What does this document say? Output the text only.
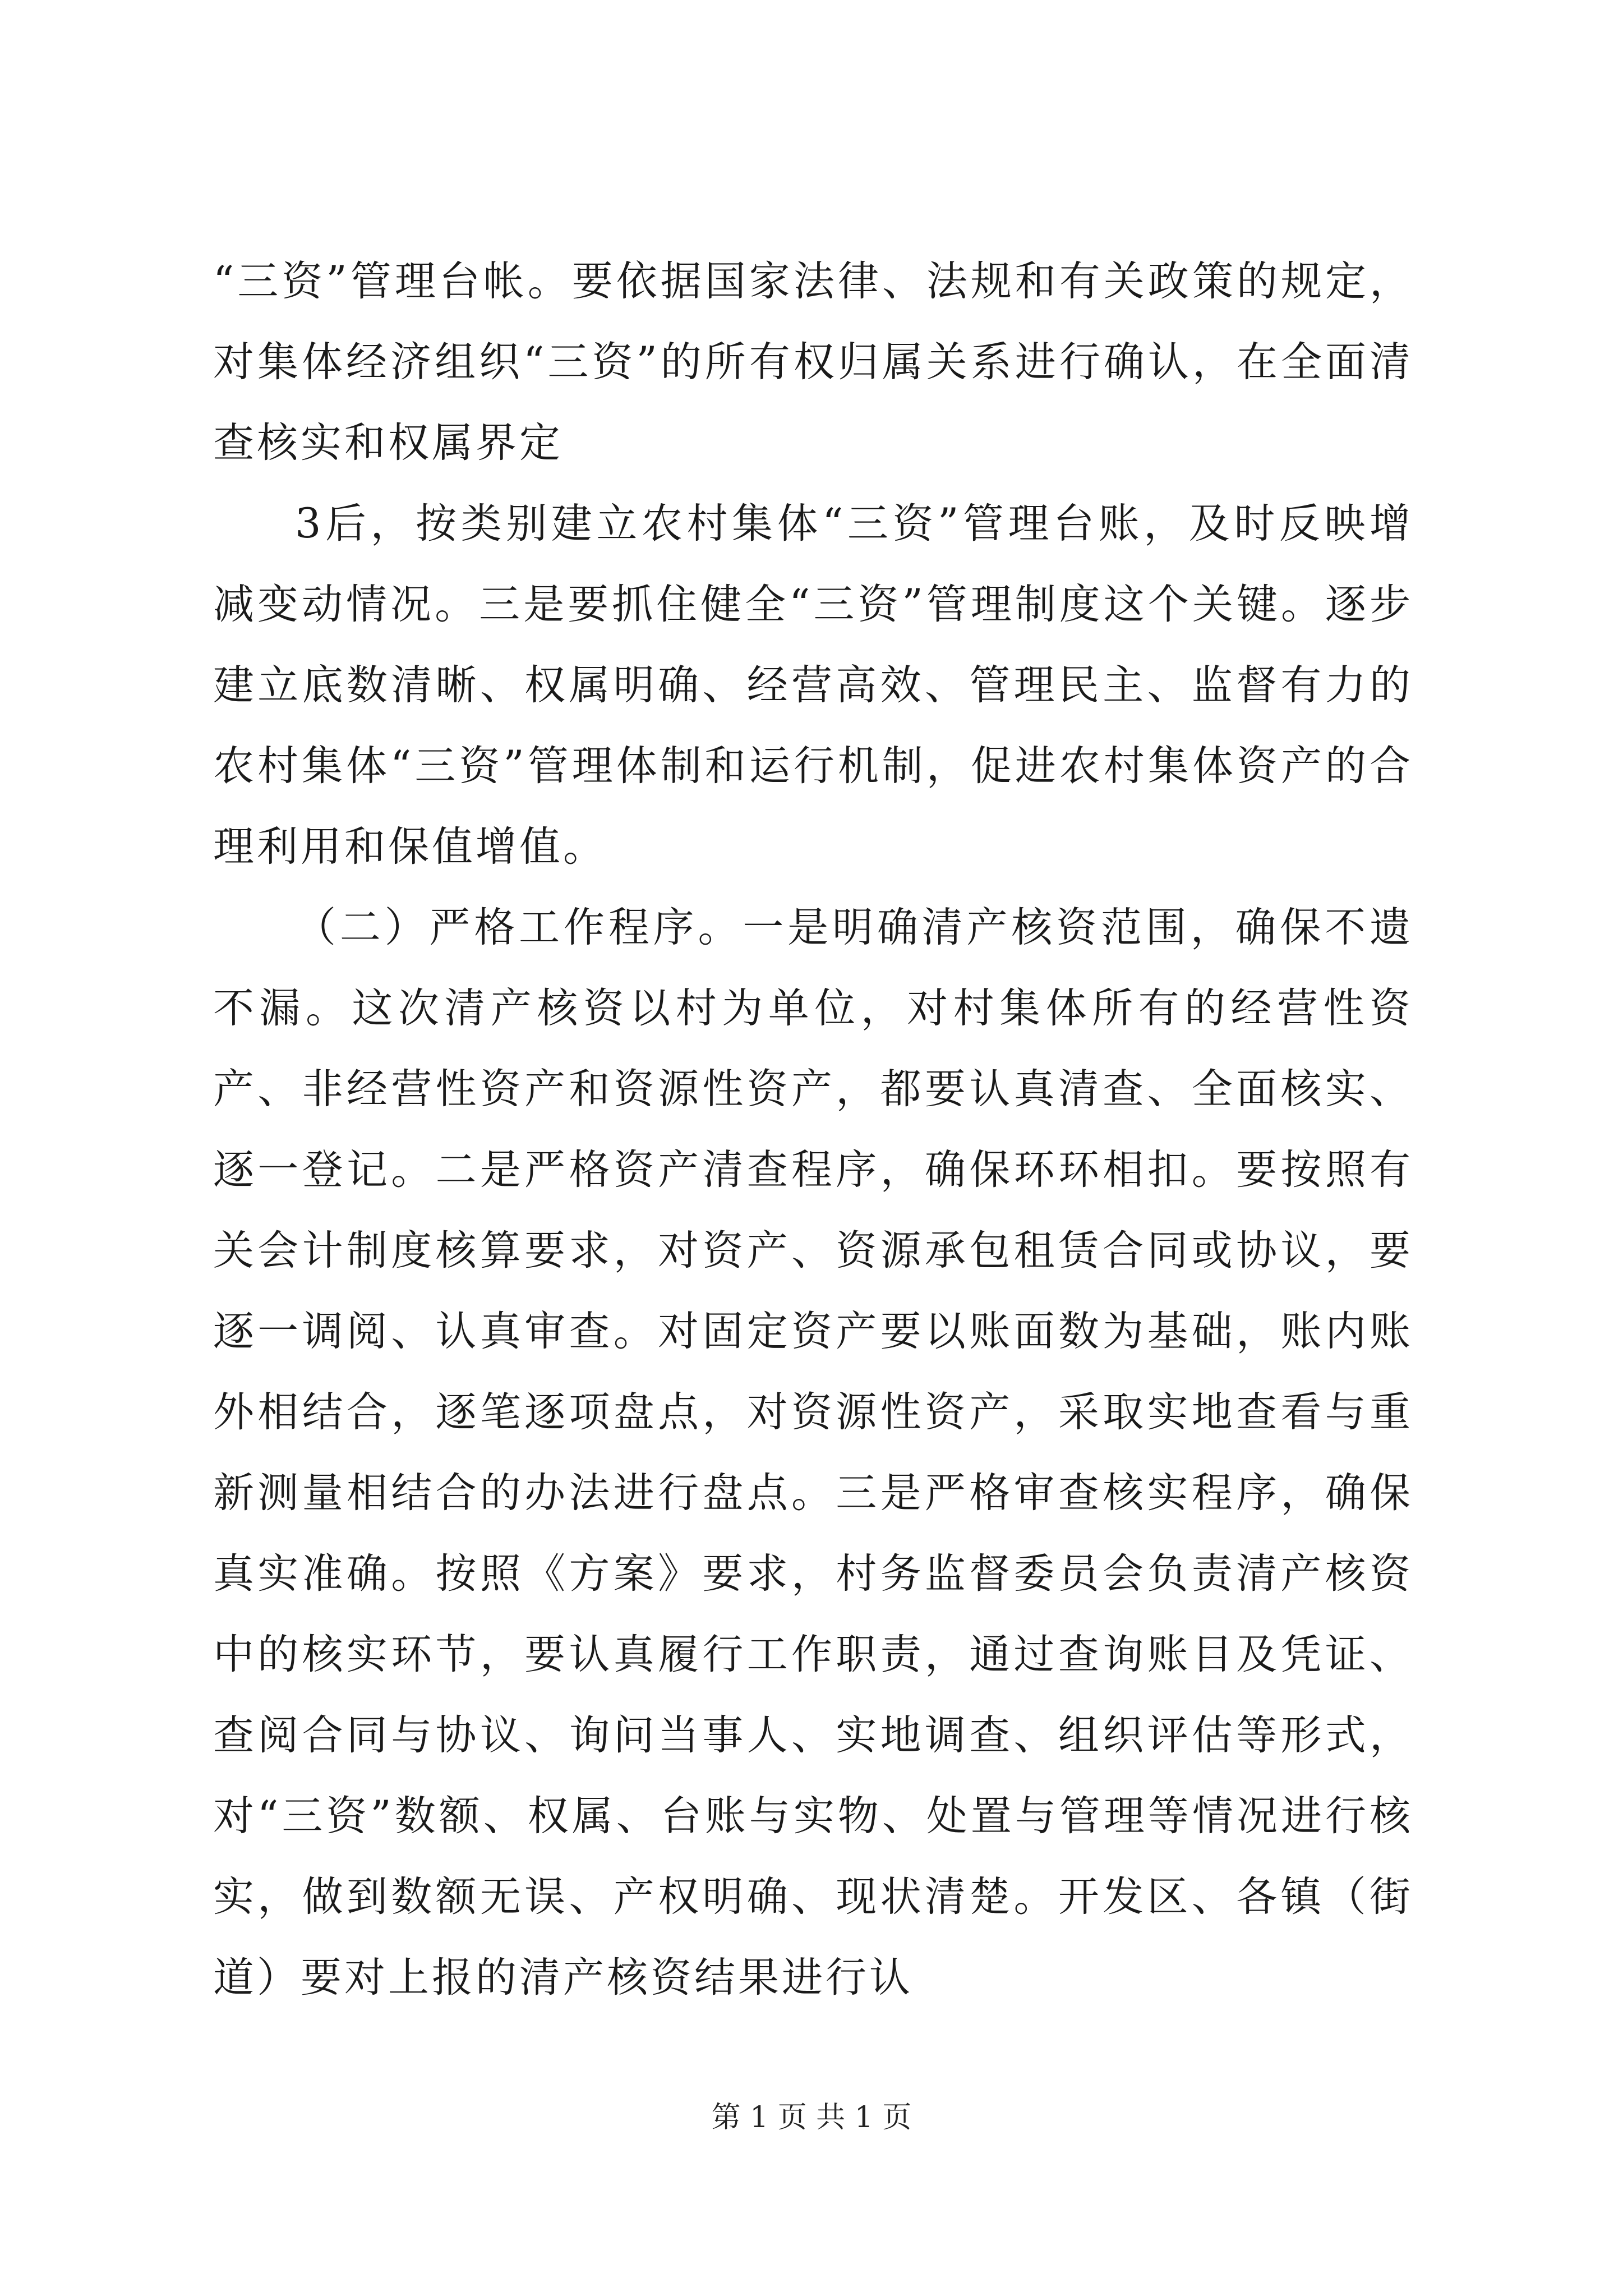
“三资”管理台帐。要依据国家法律、法规和有关政策的规定，对集体经济组织“三资”的所有权归属关系进行确认，在全面清查核实和权属界定

3后，按类别建立农村集体“三资”管理台账，及时反映增减变动情况。三是要抓住健全“三资”管理制度这个关键。逐步建立底数清晰、权属明确、经营高效、管理民主、监督有力的农村集体“三资”管理体制和运行机制，促进农村集体资产的合理利用和保值增值。

（二）严格工作程序。一是明确清产核资范围，确保不遗不漏。这次清产核资以村为单位，对村集体所有的经营性资产、非经营性资产和资源性资产，都要认真清查、全面核实、逐一登记。二是严格资产清查程序，确保环环相扣。要按照有关会计制度核算要求，对资产、资源承包租赁合同或协议，要逐一调阅、认真审查。对固定资产要以账面数为基础，账内账外相结合，逐笔逐项盘点，对资源性资产，采取实地查看与重新测量相结合的办法进行盘点。三是严格审查核实程序，确保真实准确。按照《方案》要求，村务监督委员会负责清产核资中的核实环节，要认真履行工作职责，通过查询账目及凭证、查阅合同与协议、询问当事人、实地调查、组织评估等形式，对“三资”数额、权属、台账与实物、处置与管理等情况进行核实，做到数额无误、产权明确、现状清楚。开发区、各镇（街道）要对上报的清产核资结果进行认

第 1 页 共 1 页
